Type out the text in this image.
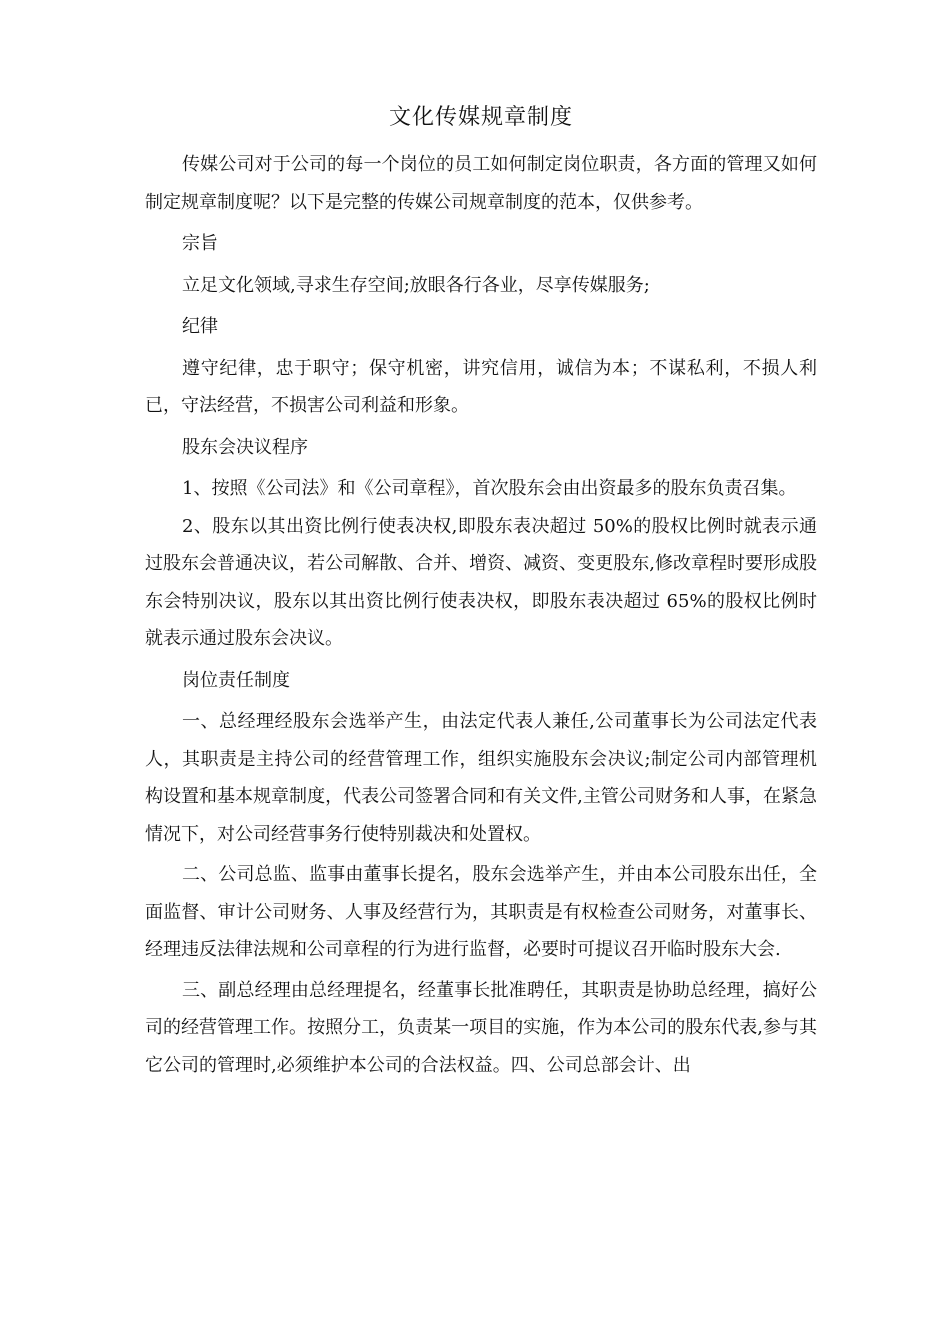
文化传媒规章制度
传媒公司对于公司的每一个岗位的员工如何制定岗位职责，各方面的管理又如何制定规章制度呢？以下是完整的传媒公司规章制度的范本，仅供参考。
宗旨
立足文化领域,寻求生存空间;放眼各行各业，尽享传媒服务;
纪律
遵守纪律，忠于职守；保守机密，讲究信用，诚信为本；不谋私利，不损人利已，守法经营，不损害公司利益和形象。
股东会决议程序
1、按照《公司法》和《公司章程》，首次股东会由出资最多的股东负责召集。
2、股东以其出资比例行使表决权,即股东表决超过 50%的股权比例时就表示通过股东会普通决议，若公司解散、合并、增资、减资、变更股东,修改章程时要形成股东会特别决议，股东以其出资比例行使表决权，即股东表决超过 65%的股权比例时就表示通过股东会决议。
岗位责任制度
一、总经理经股东会选举产生，由法定代表人兼任,公司董事长为公司法定代表人，其职责是主持公司的经营管理工作，组织实施股东会决议;制定公司内部管理机构设置和基本规章制度，代表公司签署合同和有关文件,主管公司财务和人事，在紧急情况下，对公司经营事务行使特别裁决和处置权。
二、公司总监、监事由董事长提名，股东会选举产生，并由本公司股东出任，全面监督、审计公司财务、人事及经营行为，其职责是有权检查公司财务，对董事长、经理违反法律法规和公司章程的行为进行监督，必要时可提议召开临时股东大会.
三、副总经理由总经理提名，经董事长批准聘任，其职责是协助总经理，搞好公司的经营管理工作。按照分工，负责某一项目的实施，作为本公司的股东代表,参与其它公司的管理时,必须维护本公司的合法权益。四、公司总部会计、出
